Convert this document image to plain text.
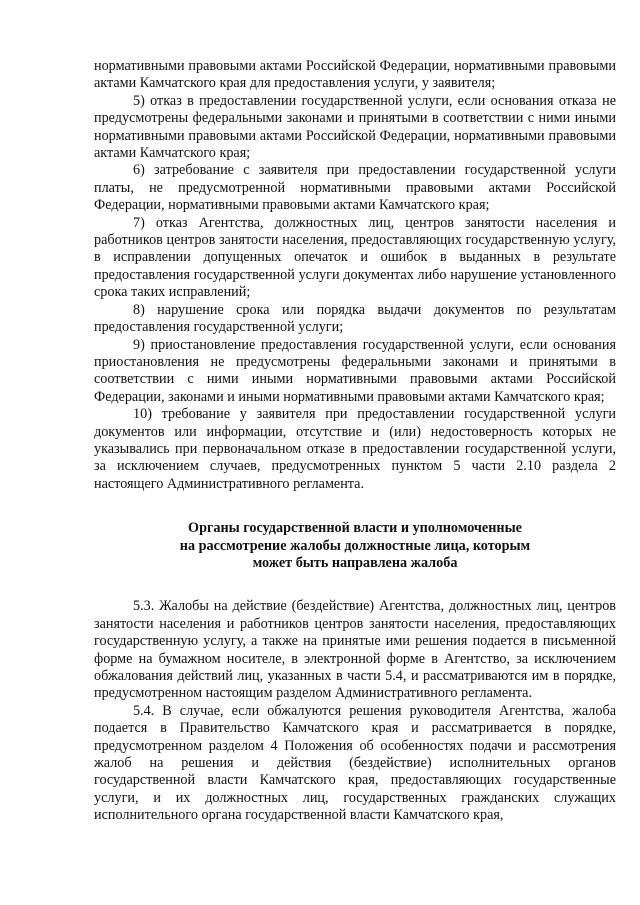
нормативными правовыми актами Российской Федерации, нормативными правовыми актами Камчатского края для предоставления услуги, у заявителя;

5) отказ в предоставлении государственной услуги, если основания отказа не предусмотрены федеральными законами и принятыми в соответствии с ними иными нормативными правовыми актами Российской Федерации, нормативными правовыми актами Камчатского края;

6) затребование с заявителя при предоставлении государственной услуги платы, не предусмотренной нормативными правовыми актами Российской Федерации, нормативными правовыми актами Камчатского края;

7) отказ Агентства, должностных лиц, центров занятости населения и работников центров занятости населения, предоставляющих государственную услугу, в исправлении допущенных опечаток и ошибок в выданных в результате предоставления государственной услуги документах либо нарушение установленного срока таких исправлений;

8) нарушение срока или порядка выдачи документов по результатам предоставления государственной услуги;

9) приостановление предоставления государственной услуги, если основания приостановления не предусмотрены федеральными законами и принятыми в соответствии с ними иными нормативными правовыми актами Российской Федерации, законами и иными нормативными правовыми актами Камчатского края;

10) требование у заявителя при предоставлении государственной услуги документов или информации, отсутствие и (или) недостоверность которых не указывались при первоначальном отказе в предоставлении государственной услуги, за исключением случаев, предусмотренных пунктом 5 части 2.10 раздела 2 настоящего Административного регламента.

Органы государственной власти и уполномоченные
на рассмотрение жалобы должностные лица, которым
может быть направлена жалоба

5.3. Жалобы на действие (бездействие) Агентства, должностных лиц, центров занятости населения и работников центров занятости населения, предоставляющих государственную услугу, а также на принятые ими решения подается в письменной форме на бумажном носителе, в электронной форме в Агентство, за исключением обжалования действий лиц, указанных в части 5.4, и рассматриваются им в порядке, предусмотренном настоящим разделом Административного регламента.

5.4. В случае, если обжалуются решения руководителя Агентства, жалоба подается в Правительство Камчатского края и рассматривается в порядке, предусмотренном разделом 4 Положения об особенностях подачи и рассмотрения жалоб на решения и действия (бездействие) исполнительных органов государственной власти Камчатского края, предоставляющих государственные услуги, и их должностных лиц, государственных гражданских служащих исполнительного органа государственной власти Камчатского края,
